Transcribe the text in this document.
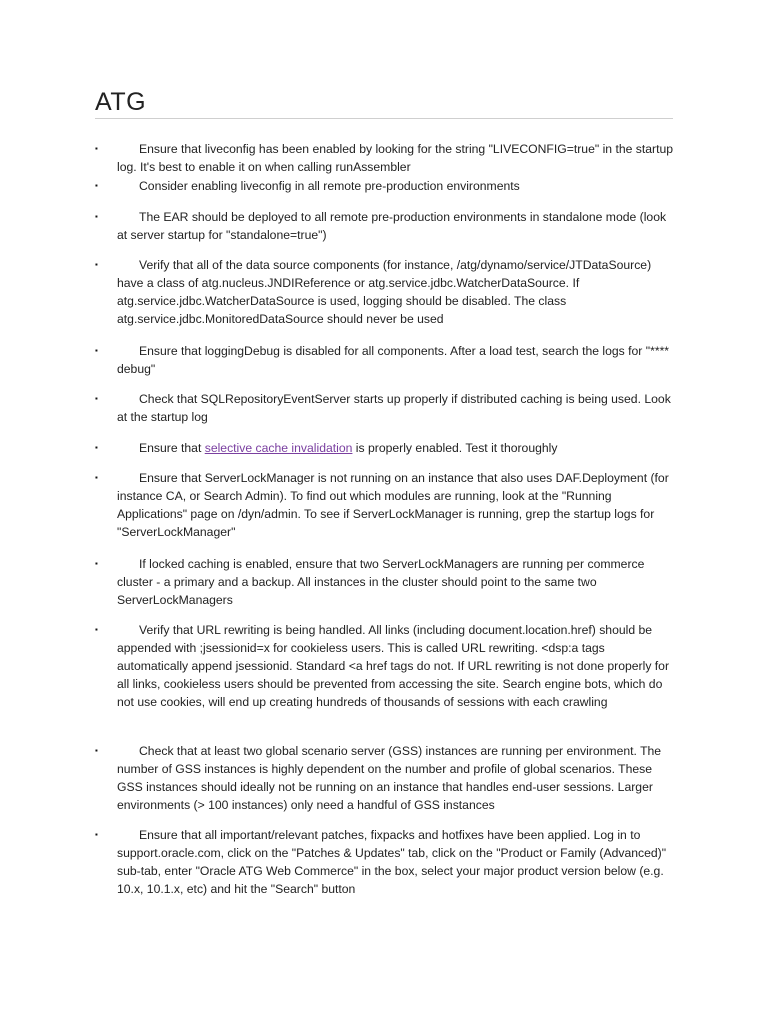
ATG
▪	Ensure that liveconfig has been enabled by looking for the string "LIVECONFIG=true" in the startup log. It's best to enable it on when calling runAssembler
▪	Consider enabling liveconfig in all remote pre-production environments
▪	The EAR should be deployed to all remote pre-production environments in standalone mode (look at server startup for "standalone=true")
▪	Verify that all of the data source components (for instance, /atg/dynamo/service/JTDataSource) have a class of atg.nucleus.JNDIReference or atg.service.jdbc.WatcherDataSource. If atg.service.jdbc.WatcherDataSource is used, logging should be disabled. The class atg.service.jdbc.MonitoredDataSource should never be used
▪	Ensure that loggingDebug is disabled for all components. After a load test, search the logs for "**** debug"
▪	Check that SQLRepositoryEventServer starts up properly if distributed caching is being used. Look at the startup log
▪	Ensure that selective cache invalidation is properly enabled. Test it thoroughly
▪	Ensure that ServerLockManager is not running on an instance that also uses DAF.Deployment (for instance CA, or Search Admin). To find out which modules are running, look at the "Running Applications" page on /dyn/admin. To see if ServerLockManager is running, grep the startup logs for "ServerLockManager"
▪	If locked caching is enabled, ensure that two ServerLockManagers are running per commerce cluster - a primary and a backup. All instances in the cluster should point to the same two ServerLockManagers
▪	Verify that URL rewriting is being handled. All links (including document.location.href) should be appended with ;jsessionid=x for cookieless users. This is called URL rewriting. <dsp:a tags automatically append jsessionid. Standard <a href tags do not. If URL rewriting is not done properly for all links, cookieless users should be prevented from accessing the site. Search engine bots, which do not use cookies, will end up creating hundreds of thousands of sessions with each crawling
▪	Check that at least two global scenario server (GSS) instances are running per environment. The number of GSS instances is highly dependent on the number and profile of global scenarios. These GSS instances should ideally not be running on an instance that handles end-user sessions. Larger environments (> 100 instances) only need a handful of GSS instances
▪	Ensure that all important/relevant patches, fixpacks and hotfixes have been applied. Log in to support.oracle.com, click on the "Patches & Updates" tab, click on the "Product or Family (Advanced)" sub-tab, enter "Oracle ATG Web Commerce" in the box, select your major product version below (e.g. 10.x, 10.1.x, etc) and hit the "Search" button
